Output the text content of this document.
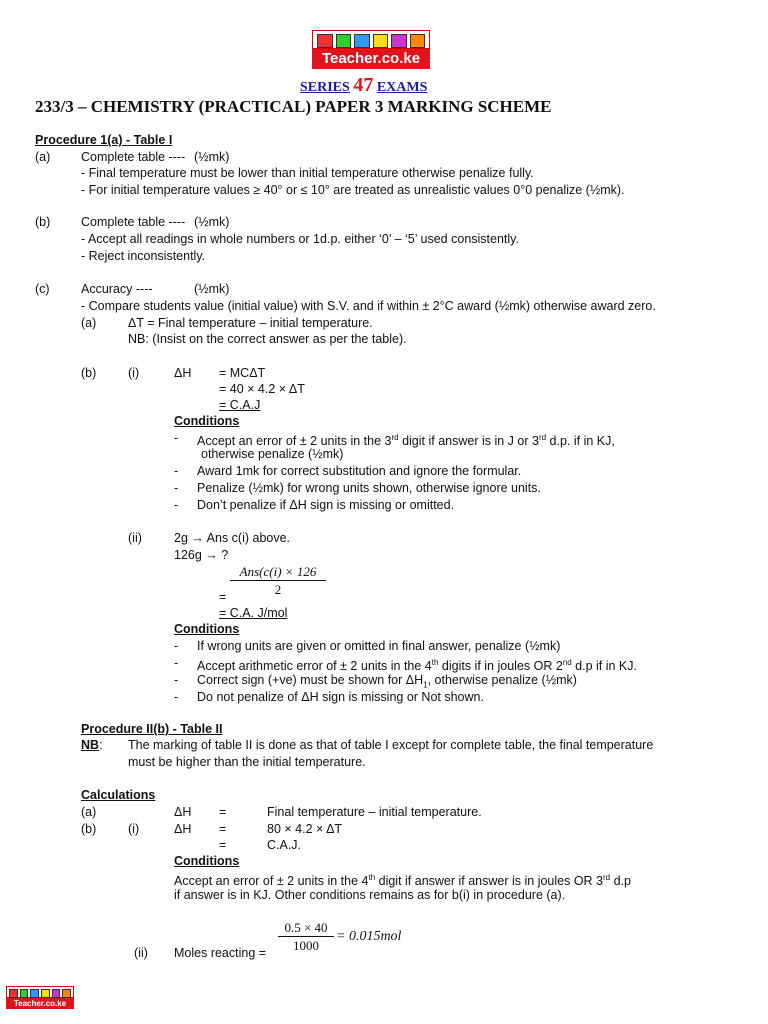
Teacher.co.ke
SERIES 47 EXAMS
233/3 – CHEMISTRY (PRACTICAL) PAPER 3 MARKING SCHEME
Procedure 1(a) - Table I
(a) Complete table ---- (½mk)
- Final temperature must be lower than initial temperature otherwise penalize fully.
- For initial temperature values ≥ 40° or ≤ 10° are treated as unrealistic values 0°0 penalize (½mk).
(b) Complete table ---- (½mk)
- Accept all readings in whole numbers or 1d.p. either ‘0’ – ‘5’ used consistently.
- Reject inconsistently.
(c)	Accuracy ----	(½mk)
- Compare students value (initial value) with S.V. and if within ± 2°C award (½mk) otherwise award zero.
(a)	ΔT = Final temperature – initial temperature.
NB: (Insist on the correct answer as per the table).
(b)	(i)	ΔH = MCΔT
= 40 × 4.2 × ΔT
= C.A.J
Conditions
- Accept an error of ± 2 units in the 3rd digit if answer is in J or 3rd d.p. if in KJ,
otherwise penalize (½mk)
- Award 1mk for correct substitution and ignore the formular.
- Penalize (½mk) for wrong units shown, otherwise ignore units.
- Don’t penalize if ΔH sign is missing or omitted.
(ii)	2g → Ans c(i) above.
126g → ?
Ans(c(i) × 126
2
=
= C.A. J/mol
Conditions
- If wrong units are given or omitted in final answer, penalize (½mk)
- Accept arithmetic error of ± 2 units in the 4th digits if in joules OR 2nd d.p if in KJ.
- Correct sign (+ve) must be shown for $\Delta H_1$, otherwise penalize (½mk)
- Do not penalize of ΔH sign is missing or Not shown.
Procedure II(b) - Table II
NB: The marking of table II is done as that of table I except for complete table, the final temperature
must be higher than the initial temperature.
Calculations
(a)	ΔH =	Final temperature – initial temperature.
(b)	(i)	ΔH =	80 × 4.2 × ΔT
=	C.A.J.
Conditions
Accept an error of ± 2 units in the 4th digit if answer if answer is in joules OR 3rd d.p
if answer is in KJ. Other conditions remains as for b(i) in procedure (a).
(ii) Moles reacting = $\frac{0.5 \times 40}{1000} = 0.015mol$
Teacher.co.ke
